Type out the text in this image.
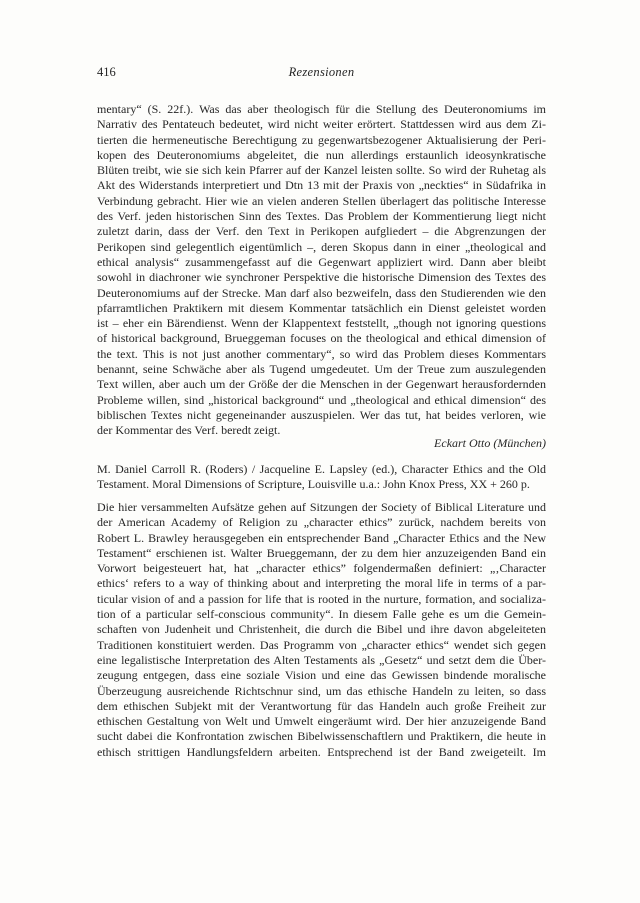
416	Rezensionen
mentary“ (S. 22f.). Was das aber theologisch für die Stellung des Deuteronomiums im
Narrativ des Pentateuch bedeutet, wird nicht weiter erörtert. Stattdessen wird aus dem Zi-
tierten die hermeneutische Berechtigung zu gegenwartsbezogener Aktualisierung der Peri-
kopen des Deuteronomiums abgeleitet, die nun allerdings erstaunlich ideosynkratische
Blüten treibt, wie sie sich kein Pfarrer auf der Kanzel leisten sollte. So wird der Ruhetag als
Akt des Widerstands interpretiert und Dtn 13 mit der Praxis von „neckties“ in Südafrika in
Verbindung gebracht. Hier wie an vielen anderen Stellen überlagert das politische Interesse
des Verf. jeden historischen Sinn des Textes. Das Problem der Kommentierung liegt nicht
zuletzt darin, dass der Verf. den Text in Perikopen aufgliedert – die Abgrenzungen der
Perikopen sind gelegentlich eigentümlich –, deren Skopus dann in einer „theological and
ethical analysis“ zusammengefasst auf die Gegenwart appliziert wird. Dann aber bleibt
sowohl in diachroner wie synchroner Perspektive die historische Dimension des Textes des
Deuteronomiums auf der Strecke. Man darf also bezweifeln, dass den Studierenden wie den
pfarramtlichen Praktikern mit diesem Kommentar tatsächlich ein Dienst geleistet worden
ist – eher ein Bärendienst. Wenn der Klappentext feststellt, „though not ignoring questions
of historical background, Brueggeman focuses on the theological and ethical dimension of
the text. This is not just another commentary“, so wird das Problem dieses Kommentars
benannt, seine Schwäche aber als Tugend umgedeutet. Um der Treue zum auszulegenden
Text willen, aber auch um der Größe der die Menschen in der Gegenwart herausfordernden
Probleme willen, sind „historical background“ und „theological and ethical dimension“ des
biblischen Textes nicht gegeneinander auszuspielen. Wer das tut, hat beides verloren, wie
der Kommentar des Verf. beredt zeigt.
Eckart Otto (München)
M. Daniel Carroll R. (Roders) / Jacqueline E. Lapsley (ed.), Character Ethics and the Old
Testament. Moral Dimensions of Scripture, Louisville u.a.: John Knox Press, XX + 260 p.
Die hier versammelten Aufsätze gehen auf Sitzungen der Society of Biblical Literature und
der American Academy of Religion zu „character ethics” zurück, nachdem bereits von
Robert L. Brawley herausgegeben ein entsprechender Band „Character Ethics and the New
Testament“ erschienen ist. Walter Brueggemann, der zu dem hier anzuzeigenden Band ein
Vorwort beigesteuert hat, hat „character ethics” folgendermaßen definiert: „‚Character
ethics‘ refers to a way of thinking about and interpreting the moral life in terms of a par-
ticular vision of and a passion for life that is rooted in the nurture, formation, and socializa-
tion of a particular self-conscious community“. In diesem Falle gehe es um die Gemein-
schaften von Judenheit und Christenheit, die durch die Bibel und ihre davon abgeleiteten
Traditionen konstituiert werden. Das Programm von „character ethics“ wendet sich gegen
eine legalistische Interpretation des Alten Testaments als „Gesetz“ und setzt dem die Über-
zeugung entgegen, dass eine soziale Vision und eine das Gewissen bindende moralische
Überzeugung ausreichende Richtschnur sind, um das ethische Handeln zu leiten, so dass
dem ethischen Subjekt mit der Verantwortung für das Handeln auch große Freiheit zur
ethischen Gestaltung von Welt und Umwelt eingeräumt wird. Der hier anzuzeigende Band
sucht dabei die Konfrontation zwischen Bibelwissenschaftlern und Praktikern, die heute in
ethisch strittigen Handlungsfeldern arbeiten. Entsprechend ist der Band zweigeteilt. Im
